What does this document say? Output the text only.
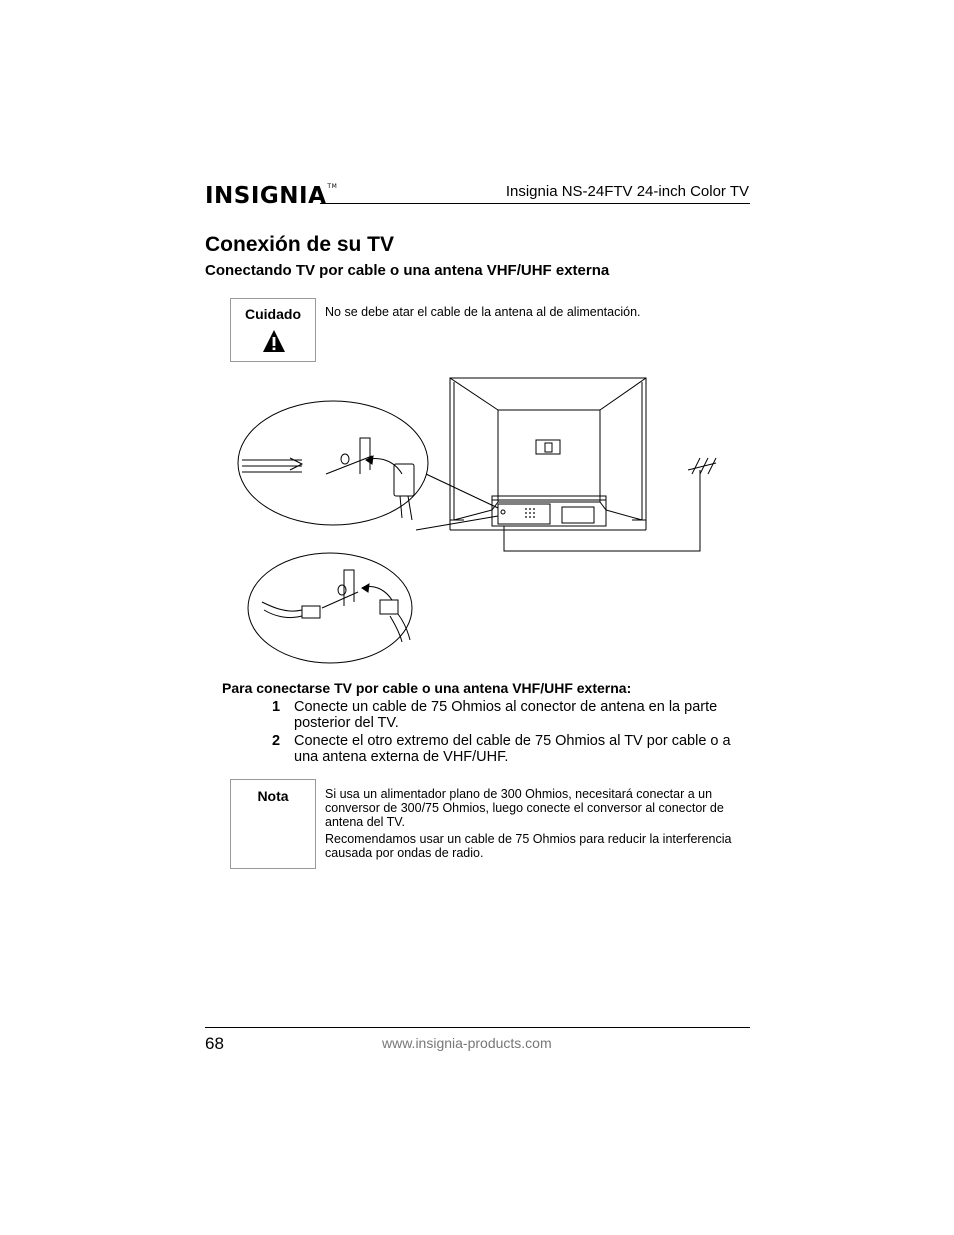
INSIGNIA™	Insignia NS-24FTV 24-inch Color TV
Conexión de su TV
Conectando TV por cable o una antena VHF/UHF externa
Cuidado	No se debe atar el cable de la antena al de alimentación.
Para conectarse TV por cable o una antena VHF/UHF externa:
1 Conecte un cable de 75 Ohmios al conector de antena en la parte posterior del TV.
2 Conecte el otro extremo del cable de 75 Ohmios al TV por cable o a una antena externa de VHF/UHF.
Nota	Si usa un alimentador plano de 300 Ohmios, necesitará conectar a un conversor de 300/75 Ohmios, luego conecte el conversor al conector de antena del TV.

Recomendamos usar un cable de 75 Ohmios para reducir la interferencia causada por ondas de radio.

68	www.insignia-products.com
